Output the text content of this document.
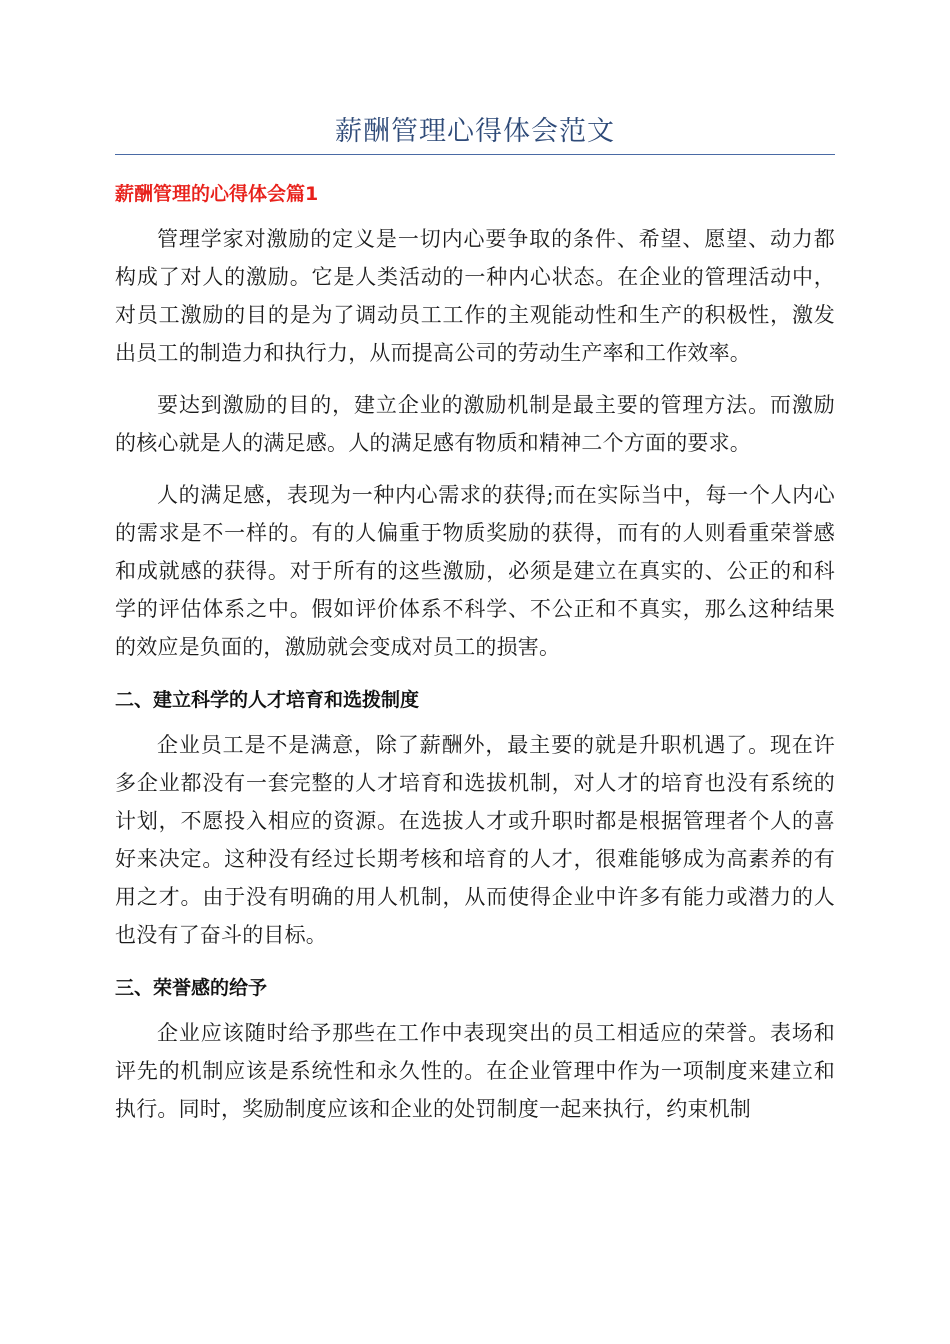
薪酬管理心得体会范文
薪酬管理的心得体会篇1

管理学家对激励的定义是一切内心要争取的条件、希望、愿望、动力都构成了对人的激励。它是人类活动的一种内心状态。在企业的管理活动中，对员工激励的目的是为了调动员工工作的主观能动性和生产的积极性，激发出员工的制造力和执行力，从而提高公司的劳动生产率和工作效率。

要达到激励的目的，建立企业的激励机制是最主要的管理方法。而激励的核心就是人的满足感。人的满足感有物质和精神二个方面的要求。

人的满足感，表现为一种内心需求的获得;而在实际当中，每一个人内心的需求是不一样的。有的人偏重于物质奖励的获得，而有的人则看重荣誉感和成就感的获得。对于所有的这些激励，必须是建立在真实的、公正的和科学的评估体系之中。假如评价体系不科学、不公正和不真实，那么这种结果的效应是负面的，激励就会变成对员工的损害。

二、建立科学的人才培育和选拨制度

企业员工是不是满意，除了薪酬外，最主要的就是升职机遇了。现在许多企业都没有一套完整的人才培育和选拔机制，对人才的培育也没有系统的计划，不愿投入相应的资源。在选拔人才或升职时都是根据管理者个人的喜好来决定。这种没有经过长期考核和培育的人才，很难能够成为高素养的有用之才。由于没有明确的用人机制，从而使得企业中许多有能力或潜力的人也没有了奋斗的目标。

三、荣誉感的给予

企业应该随时给予那些在工作中表现突出的员工相适应的荣誉。表场和评先的机制应该是系统性和永久性的。在企业管理中作为一项制度来建立和执行。同时，奖励制度应该和企业的处罚制度一起来执行，约束机制
